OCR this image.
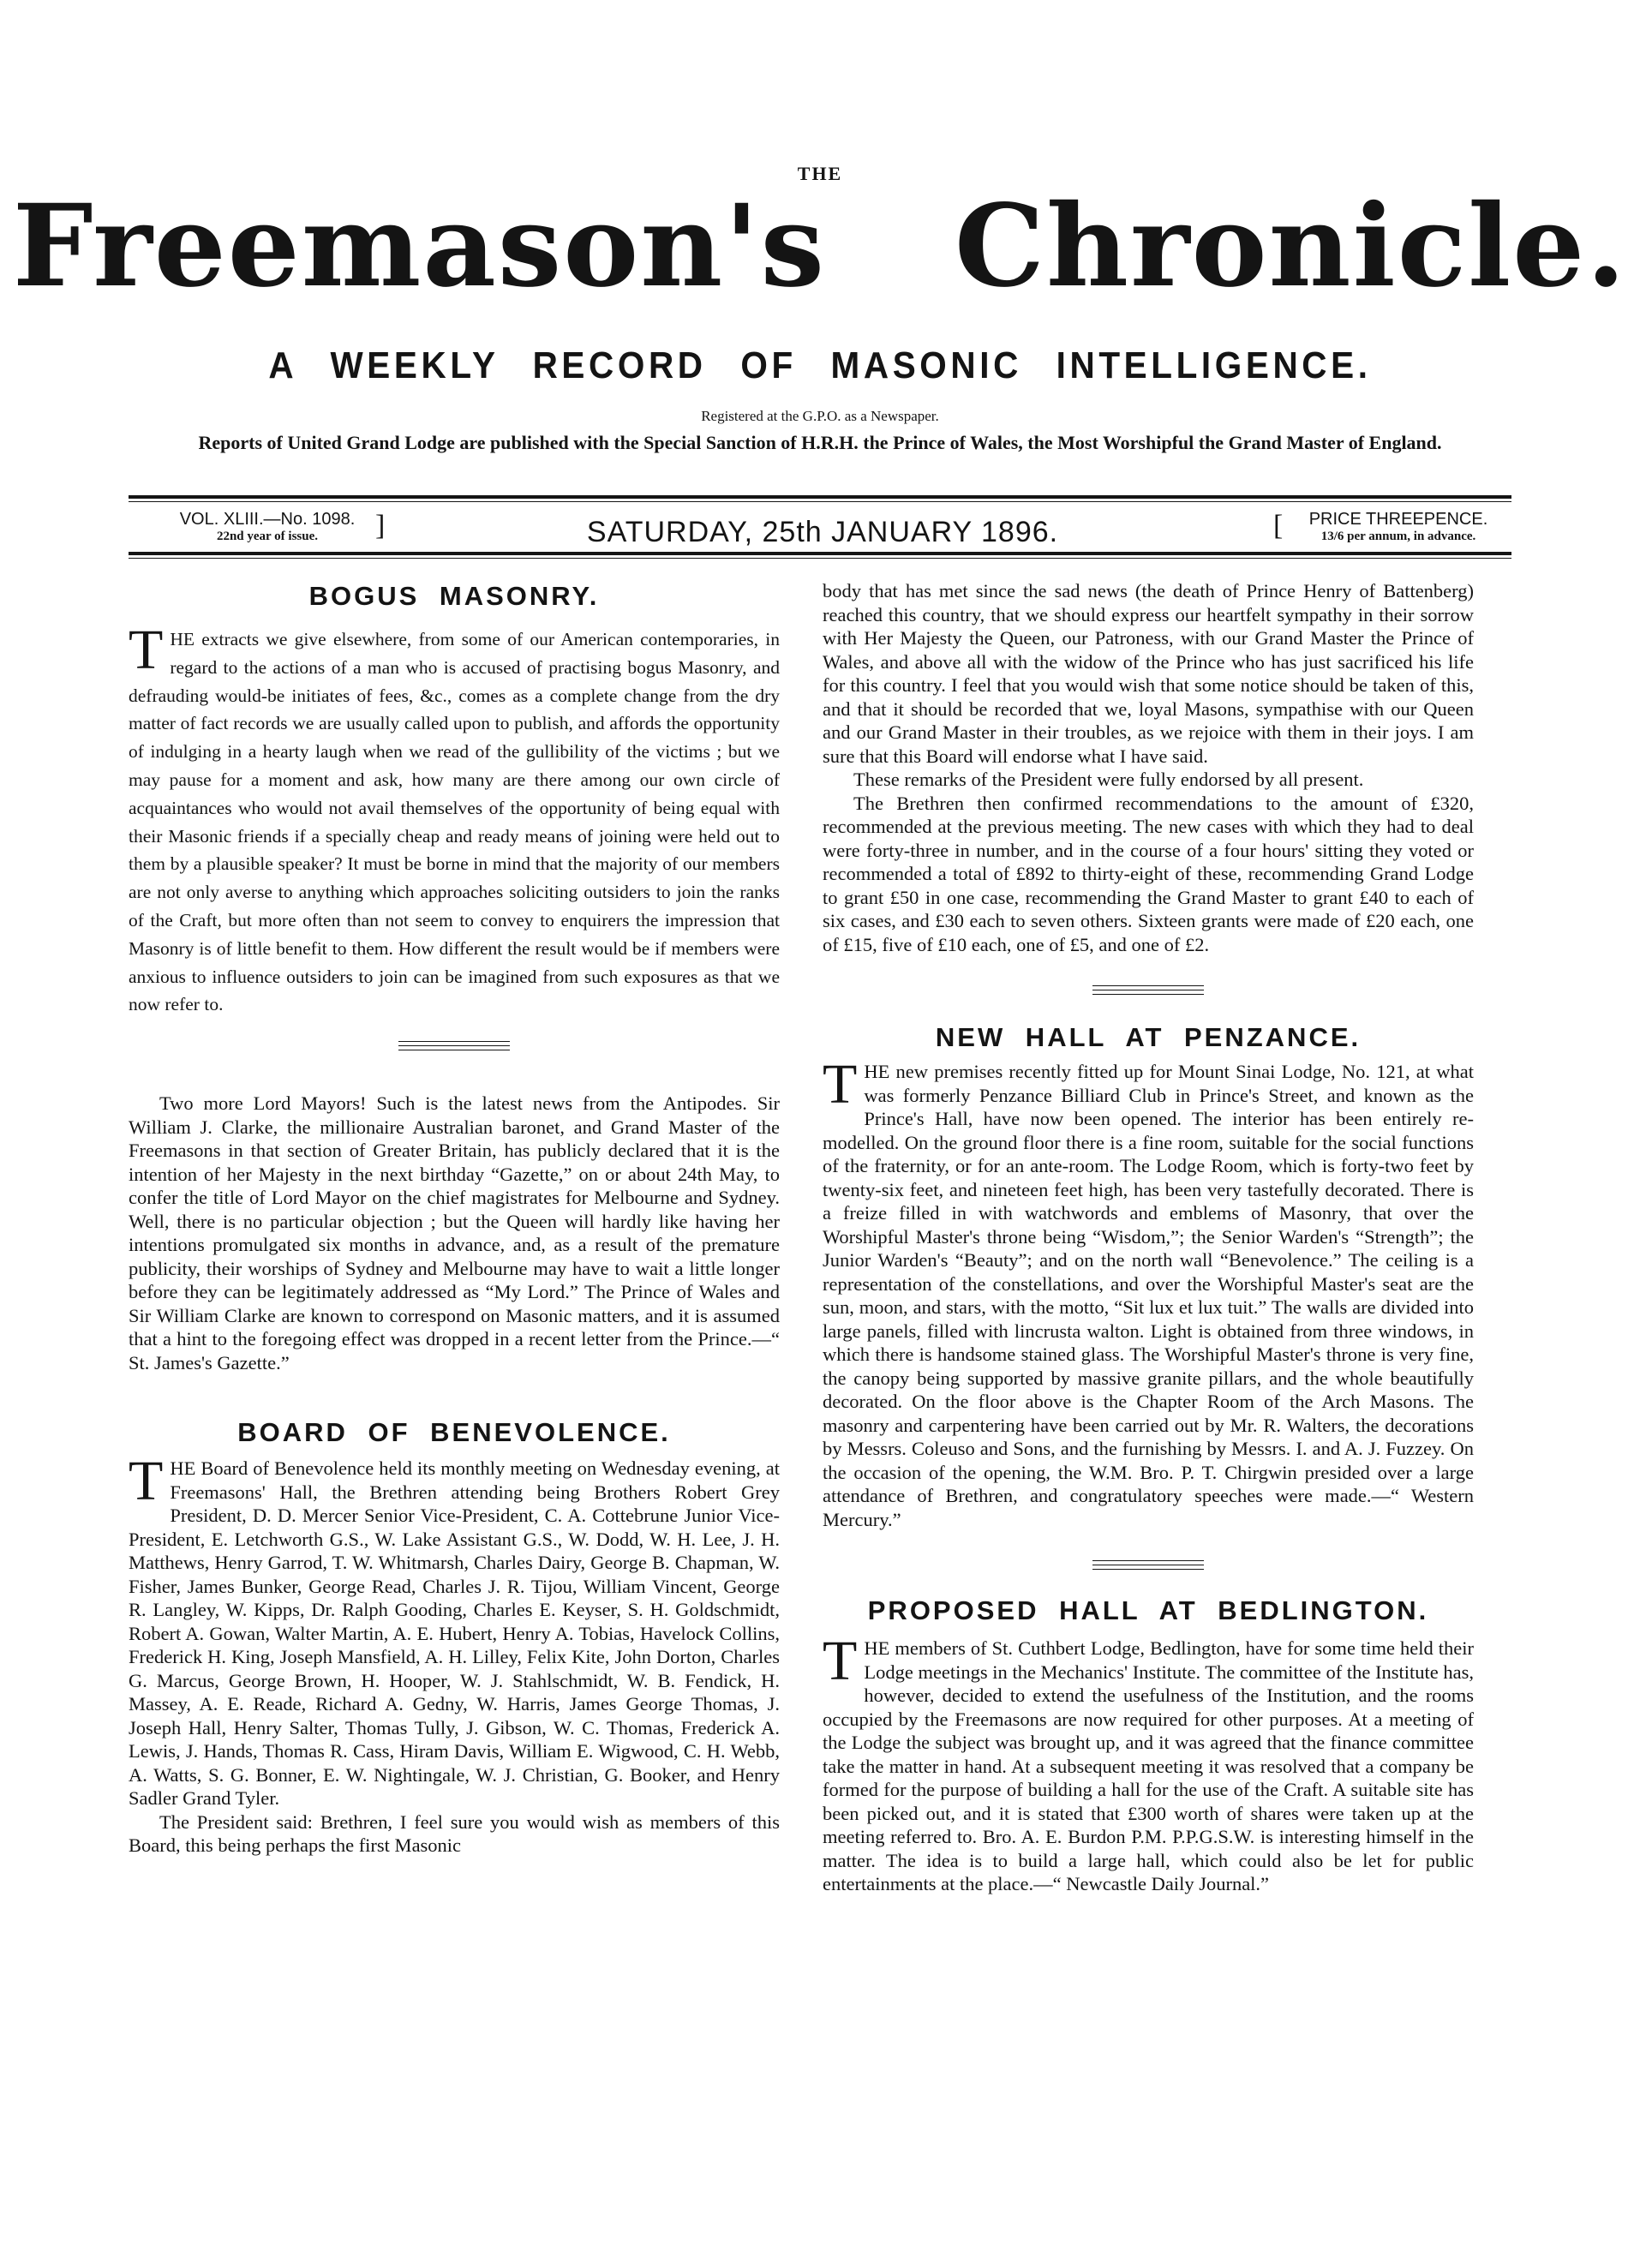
THE
Freemason's Chronicle.
A WEEKLY RECORD OF MASONIC INTELLIGENCE.
Registered at the G.P.O. as a Newspaper.
Reports of United Grand Lodge are published with the Special Sanction of H.R.H. the Prince of Wales, the Most Worshipful the Grand Master of England.
VOL. XLIII.—No. 1098.
22nd year of issue.	]	SATURDAY, 25th JANUARY 1896.	[	PRICE THREEPENCE.
13/6 per annum, in advance.
BOGUS MASONRY.

THE extracts we give elsewhere, from some of our American contemporaries, in regard to the actions of a man who is accused of practising bogus Masonry, and defrauding would-be initiates of fees, &c., comes as a complete change from the dry matter of fact records we are usually called upon to publish, and affords the opportunity of indulging in a hearty laugh when we read of the gullibility of the victims ; but we may pause for a moment and ask, how many are there among our own circle of acquaintances who would not avail themselves of the opportunity of being equal with their Masonic friends if a specially cheap and ready means of joining were held out to them by a plausible speaker? It must be borne in mind that the majority of our members are not only averse to anything which approaches soliciting outsiders to join the ranks of the Craft, but more often than not seem to convey to enquirers the impression that Masonry is of little benefit to them. How different the result would be if members were anxious to influence outsiders to join can be imagined from such exposures as that we now refer to.

Two more Lord Mayors! Such is the latest news from the Antipodes. Sir William J. Clarke, the millionaire Australian baronet, and Grand Master of the Freemasons in that section of Greater Britain, has publicly declared that it is the intention of her Majesty in the next birthday “Gazette,” on or about 24th May, to confer the title of Lord Mayor on the chief magistrates for Melbourne and Sydney. Well, there is no particular objection ; but the Queen will hardly like having her intentions promulgated six months in advance, and, as a result of the premature publicity, their worships of Sydney and Melbourne may have to wait a little longer before they can be legitimately addressed as “My Lord.” The Prince of Wales and Sir William Clarke are known to correspond on Masonic matters, and it is assumed that a hint to the foregoing effect was dropped in a recent letter from the Prince.—“ St. James's Gazette.”

BOARD OF BENEVOLENCE.

THE Board of Benevolence held its monthly meeting on Wednesday evening, at Freemasons' Hall, the Brethren attending being Brothers Robert Grey President, D. D. Mercer Senior Vice-President, C. A. Cottebrune Junior Vice-President, E. Letchworth G.S., W. Lake Assistant G.S., W. Dodd, W. H. Lee, J. H. Matthews, Henry Garrod, T. W. Whitmarsh, Charles Dairy, George B. Chapman, W. Fisher, James Bunker, George Read, Charles J. R. Tijou, William Vincent, George R. Langley, W. Kipps, Dr. Ralph Gooding, Charles E. Keyser, S. H. Goldschmidt, Robert A. Gowan, Walter Martin, A. E. Hubert, Henry A. Tobias, Havelock Collins, Frederick H. King, Joseph Mansfield, A. H. Lilley, Felix Kite, John Dorton, Charles G. Marcus, George Brown, H. Hooper, W. J. Stahlschmidt, W. B. Fendick, H. Massey, A. E. Reade, Richard A. Gedny, W. Harris, James George Thomas, J. Joseph Hall, Henry Salter, Thomas Tully, J. Gibson, W. C. Thomas, Frederick A. Lewis, J. Hands, Thomas R. Cass, Hiram Davis, William E. Wigwood, C. H. Webb, A. Watts, S. G. Bonner, E. W. Nightingale, W. J. Christian, G. Booker, and Henry Sadler Grand Tyler.

The President said: Brethren, I feel sure you would wish as members of this Board, this being perhaps the first Masonic

body that has met since the sad news (the death of Prince Henry of Battenberg) reached this country, that we should express our heartfelt sympathy in their sorrow with Her Majesty the Queen, our Patroness, with our Grand Master the Prince of Wales, and above all with the widow of the Prince who has just sacrificed his life for this country. I feel that you would wish that some notice should be taken of this, and that it should be recorded that we, loyal Masons, sympathise with our Queen and our Grand Master in their troubles, as we rejoice with them in their joys. I am sure that this Board will endorse what I have said.

These remarks of the President were fully endorsed by all present.

The Brethren then confirmed recommendations to the amount of £320, recommended at the previous meeting. The new cases with which they had to deal were forty-three in number, and in the course of a four hours' sitting they voted or recommended a total of £892 to thirty-eight of these, recommending Grand Lodge to grant £50 in one case, recommending the Grand Master to grant £40 to each of six cases, and £30 each to seven others. Sixteen grants were made of £20 each, one of £15, five of £10 each, one of £5, and one of £2.

NEW HALL AT PENZANCE.

THE new premises recently fitted up for Mount Sinai Lodge, No. 121, at what was formerly Penzance Billiard Club in Prince's Street, and known as the Prince's Hall, have now been opened. The interior has been entirely re-modelled. On the ground floor there is a fine room, suitable for the social functions of the fraternity, or for an ante-room. The Lodge Room, which is forty-two feet by twenty-six feet, and nineteen feet high, has been very tastefully decorated. There is a freize filled in with watchwords and emblems of Masonry, that over the Worshipful Master's throne being “Wisdom,”; the Senior Warden's “Strength”; the Junior Warden's “Beauty”; and on the north wall “Benevolence.” The ceiling is a representation of the constellations, and over the Worshipful Master's seat are the sun, moon, and stars, with the motto, “Sit lux et lux tuit.” The walls are divided into large panels, filled with lincrusta walton. Light is obtained from three windows, in which there is handsome stained glass. The Worshipful Master's throne is very fine, the canopy being supported by massive granite pillars, and the whole beautifully decorated. On the floor above is the Chapter Room of the Arch Masons. The masonry and carpentering have been carried out by Mr. R. Walters, the decorations by Messrs. Coleuso and Sons, and the furnishing by Messrs. I. and A. J. Fuzzey. On the occasion of the opening, the W.M. Bro. P. T. Chirgwin presided over a large attendance of Brethren, and congratulatory speeches were made.—“ Western Mercury.”

PROPOSED HALL AT BEDLINGTON.

THE members of St. Cuthbert Lodge, Bedlington, have for some time held their Lodge meetings in the Mechanics' Institute. The committee of the Institute has, however, decided to extend the usefulness of the Institution, and the rooms occupied by the Freemasons are now required for other purposes. At a meeting of the Lodge the subject was brought up, and it was agreed that the finance committee take the matter in hand. At a subsequent meeting it was resolved that a company be formed for the purpose of building a hall for the use of the Craft. A suitable site has been picked out, and it is stated that £300 worth of shares were taken up at the meeting referred to. Bro. A. E. Burdon P.M. P.P.G.S.W. is interesting himself in the matter. The idea is to build a large hall, which could also be let for public entertainments at the place.—“ Newcastle Daily Journal.”
